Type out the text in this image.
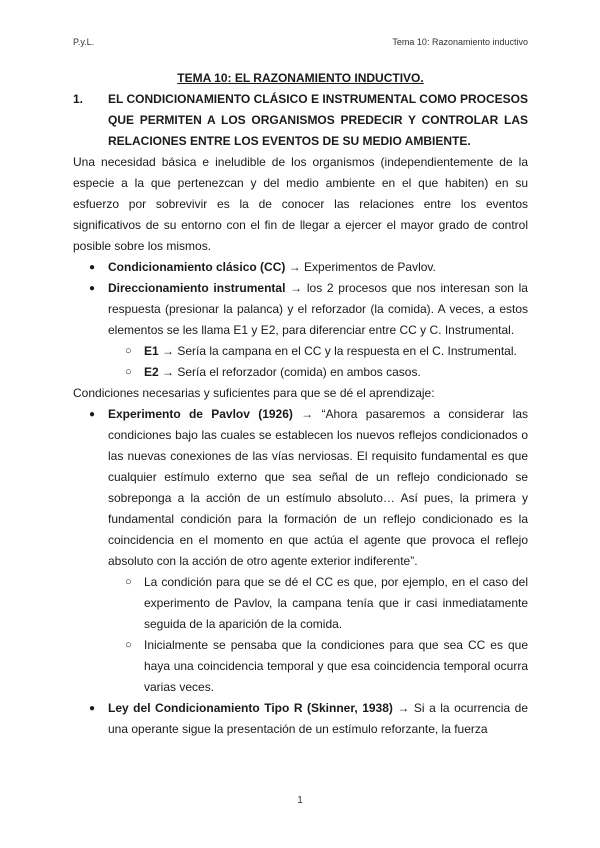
P.y.L.	Tema 10: Razonamiento inductivo

TEMA 10: EL RAZONAMIENTO INDUCTIVO.

1.	EL CONDICIONAMIENTO CLÁSICO E INSTRUMENTAL COMO PROCESOS QUE PERMITEN A LOS ORGANISMOS PREDECIR Y CONTROLAR LAS RELACIONES ENTRE LOS EVENTOS DE SU MEDIO AMBIENTE.

Una necesidad básica e ineludible de los organismos (independientemente de la especie a la que pertenezcan y del medio ambiente en el que habiten) en su esfuerzo por sobrevivir es la de conocer las relaciones entre los eventos significativos de su entorno con el fin de llegar a ejercer el mayor grado de control posible sobre los mismos.

● Condicionamiento clásico (CC) → Experimentos de Pavlov.
● Direccionamiento instrumental → los 2 procesos que nos interesan son la respuesta (presionar la palanca) y el reforzador (la comida). A veces, a estos elementos se les llama E1 y E2, para diferenciar entre CC y C. Instrumental.
○ E1 → Sería la campana en el CC y la respuesta en el C. Instrumental.
○ E2 → Sería el reforzador (comida) en ambos casos.

Condiciones necesarias y suficientes para que se dé el aprendizaje:

● Experimento de Pavlov (1926) → “Ahora pasaremos a considerar las condiciones bajo las cuales se establecen los nuevos reflejos condicionados o las nuevas conexiones de las vías nerviosas. El requisito fundamental es que cualquier estímulo externo que sea señal de un reflejo condicionado se sobreponga a la acción de un estímulo absoluto… Así pues, la primera y fundamental condición para la formación de un reflejo condicionado es la coincidencia en el momento en que actúa el agente que provoca el reflejo absoluto con la acción de otro agente exterior indiferente”.
○ La condición para que se dé el CC es que, por ejemplo, en el caso del experimento de Pavlov, la campana tenía que ir casi inmediatamente seguida de la aparición de la comida.
○ Inicialmente se pensaba que la condiciones para que sea CC es que haya una coincidencia temporal y que esa coincidencia temporal ocurra varias veces.
● Ley del Condicionamiento Tipo R (Skinner, 1938) → Si a la ocurrencia de una operante sigue la presentación de un estímulo reforzante, la fuerza
1
